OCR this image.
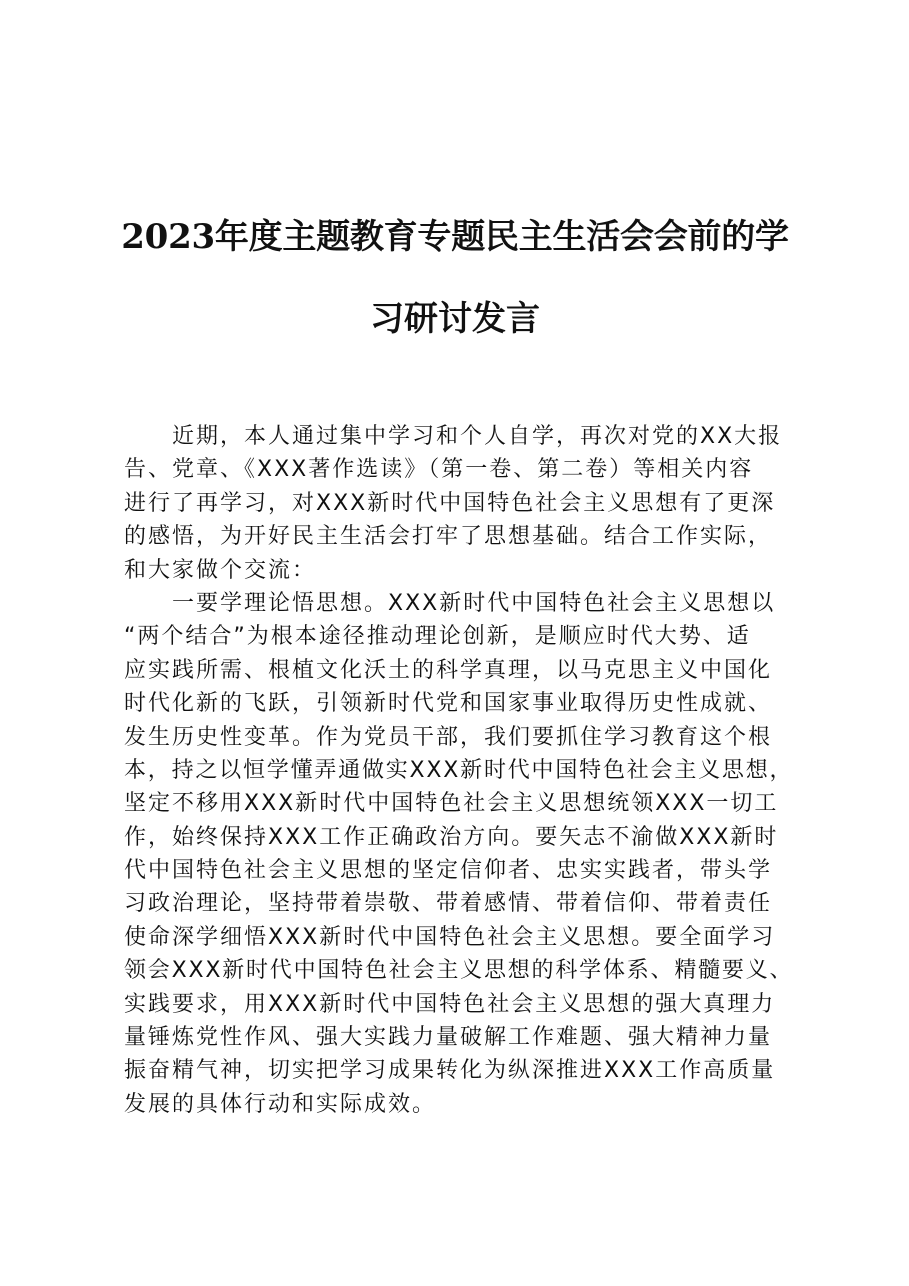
2023年度主题教育专题民主生活会会前的学
习研讨发言
　　近期，本人通过集中学习和个人自学，再次对党的XX大报
告、党章、《XXX著作选读》（第一卷、第二卷）等相关内容
进行了再学习，对XXX新时代中国特色社会主义思想有了更深
的感悟，为开好民主生活会打牢了思想基础。结合工作实际，
和大家做个交流：
　　一要学理论悟思想。XXX新时代中国特色社会主义思想以
“两个结合”为根本途径推动理论创新，是顺应时代大势、适
应实践所需、根植文化沃土的科学真理，以马克思主义中国化
时代化新的飞跃，引领新时代党和国家事业取得历史性成就、
发生历史性变革。作为党员干部，我们要抓住学习教育这个根
本，持之以恒学懂弄通做实XXX新时代中国特色社会主义思想，
坚定不移用XXX新时代中国特色社会主义思想统领XXX一切工
作，始终保持XXX工作正确政治方向。要矢志不渝做XXX新时
代中国特色社会主义思想的坚定信仰者、忠实实践者，带头学
习政治理论，坚持带着崇敬、带着感情、带着信仰、带着责任
使命深学细悟XXX新时代中国特色社会主义思想。要全面学习
领会XXX新时代中国特色社会主义思想的科学体系、精髓要义、
实践要求，用XXX新时代中国特色社会主义思想的强大真理力
量锤炼党性作风、强大实践力量破解工作难题、强大精神力量
振奋精气神，切实把学习成果转化为纵深推进XXX工作高质量
发展的具体行动和实际成效。
